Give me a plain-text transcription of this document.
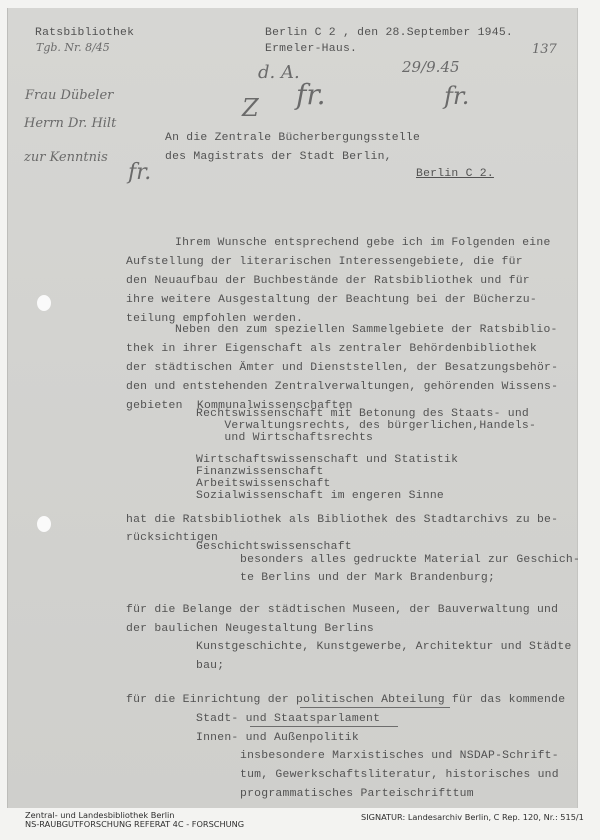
Ratsbibliothek
Tgb. Nr. 8/45
Berlin C 2 , den 28.September 1945.
Ermeler-Haus.	137
Frau Dübeler
Herrn Dr. Hilt
zur Kenntnis
fr.
d. A.
Z fr.
29/9.45
fr.
An die Zentrale Bücherbergungsstelle
des Magistrats der Stadt Berlin,
Berlin C 2.
Ihrem Wunsche entsprechend gebe ich im Folgenden eine
Aufstellung der literarischen Interessengebiete, die für
den Neuaufbau der Buchbestände der Ratsbibliothek und für
ihre weitere Ausgestaltung der Beachtung bei der Bücherzu-
teilung empfohlen werden.
Neben den zum speziellen Sammelgebiete der Ratsbiblio-
thek in ihrer Eigenschaft als zentraler Behördenbibliothek
der städtischen Ämter und Dienststellen, der Besatzungsbehör-
den und entstehenden Zentralverwaltungen, gehörenden Wissens-
gebieten  Kommunalwissenschaften
Rechtswissenschaft mit Betonung des Staats- und
Verwaltungsrechts, des bürgerlichen,Handels-
und Wirtschaftsrechts
Wirtschaftswissenschaft und Statistik
Finanzwissenschaft
Arbeitswissenschaft
Sozialwissenschaft im engeren Sinne
hat die Ratsbibliothek als Bibliothek des Stadtarchivs zu be-
rücksichtigen
Geschichtswissenschaft
besonders alles gedruckte Material zur Geschich-
te Berlins und der Mark Brandenburg;
für die Belange der städtischen Museen, der Bauverwaltung und
der baulichen Neugestaltung Berlins
Kunstgeschichte, Kunstgewerbe, Architektur und Städte
bau;
für die Einrichtung der politischen Abteilung für das kommende
Stadt- und Staatsparlament
Innen- und Außenpolitik
insbesondere Marxistisches und NSDAP-Schrift-
tum, Gewerkschaftsliteratur, historisches und
programmatisches Parteischrifttum
Zentral- und Landesbibliothek Berlin
NS-RAUBGUTFORSCHUNG REFERAT 4C - FORSCHUNG
SIGNATUR: Landesarchiv Berlin, C Rep. 120, Nr.: 515/1
